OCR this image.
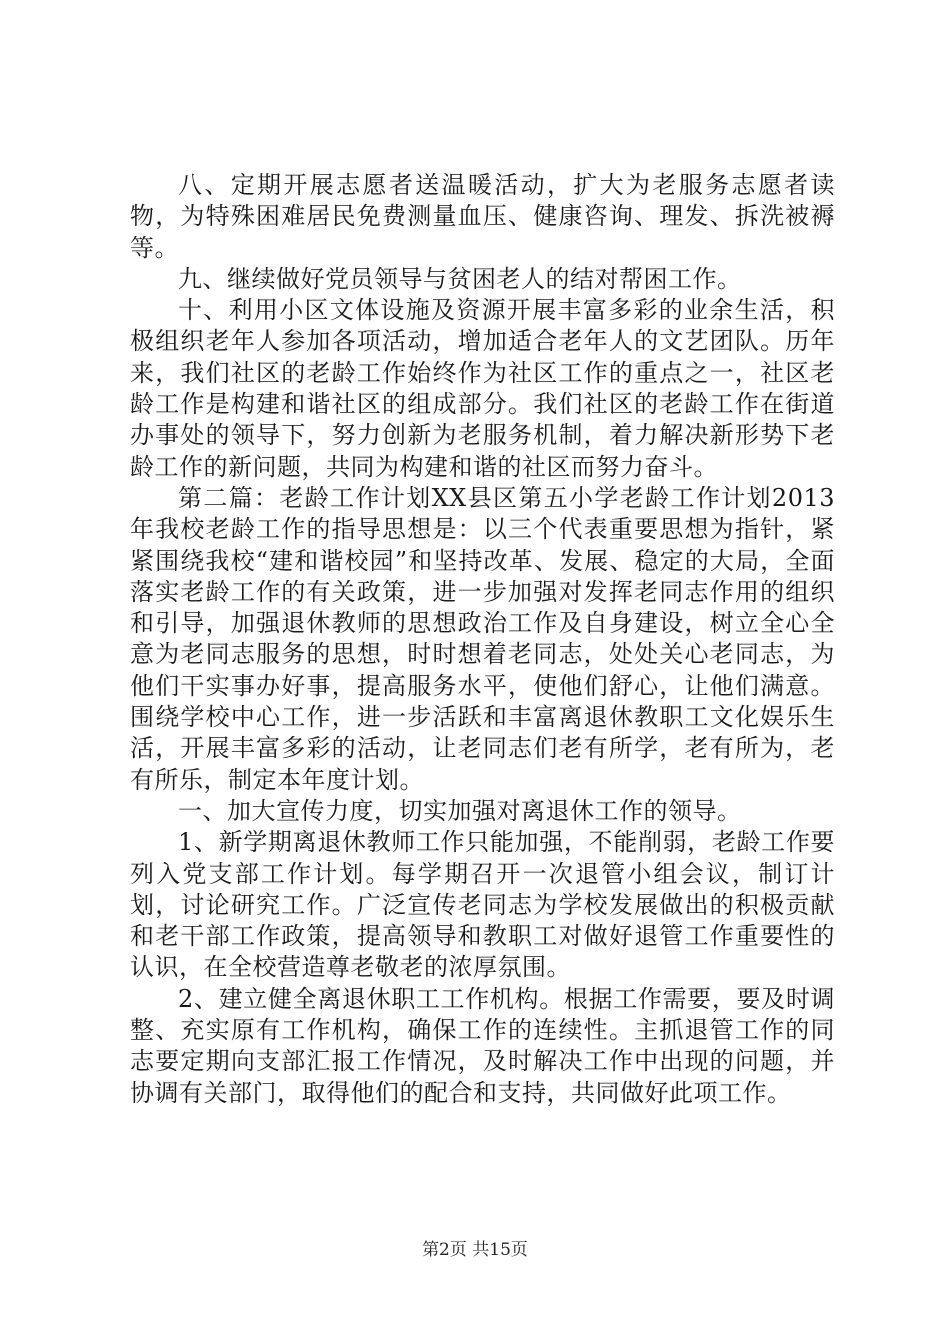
八、定期开展志愿者送温暖活动，扩大为老服务志愿者读物，为特殊困难居民免费测量血压、健康咨询、理发、拆洗被褥等。

九、继续做好党员领导与贫困老人的结对帮困工作。

十、利用小区文体设施及资源开展丰富多彩的业余生活，积极组织老年人参加各项活动，增加适合老年人的文艺团队。历年来，我们社区的老龄工作始终作为社区工作的重点之一，社区老龄工作是构建和谐社区的组成部分。我们社区的老龄工作在街道办事处的领导下，努力创新为老服务机制，着力解决新形势下老龄工作的新问题，共同为构建和谐的社区而努力奋斗。

第二篇：老龄工作计划XX县区第五小学老龄工作计划2013年我校老龄工作的指导思想是：以三个代表重要思想为指针，紧紧围绕我校“建和谐校园”和坚持改革、发展、稳定的大局，全面落实老龄工作的有关政策，进一步加强对发挥老同志作用的组织和引导，加强退休教师的思想政治工作及自身建设，树立全心全意为老同志服务的思想，时时想着老同志，处处关心老同志，为他们干实事办好事，提高服务水平，使他们舒心，让他们满意。围绕学校中心工作，进一步活跃和丰富离退休教职工文化娱乐生活，开展丰富多彩的活动，让老同志们老有所学，老有所为，老有所乐，制定本年度计划。

一、加大宣传力度，切实加强对离退休工作的领导。

1、新学期离退休教师工作只能加强，不能削弱，老龄工作要列入党支部工作计划。每学期召开一次退管小组会议，制订计划，讨论研究工作。广泛宣传老同志为学校发展做出的积极贡献和老干部工作政策，提高领导和教职工对做好退管工作重要性的认识，在全校营造尊老敬老的浓厚氛围。

2、建立健全离退休职工工作机构。根据工作需要，要及时调整、充实原有工作机构，确保工作的连续性。主抓退管工作的同志要定期向支部汇报工作情况，及时解决工作中出现的问题，并协调有关部门，取得他们的配合和支持，共同做好此项工作。

第2页 共15页
